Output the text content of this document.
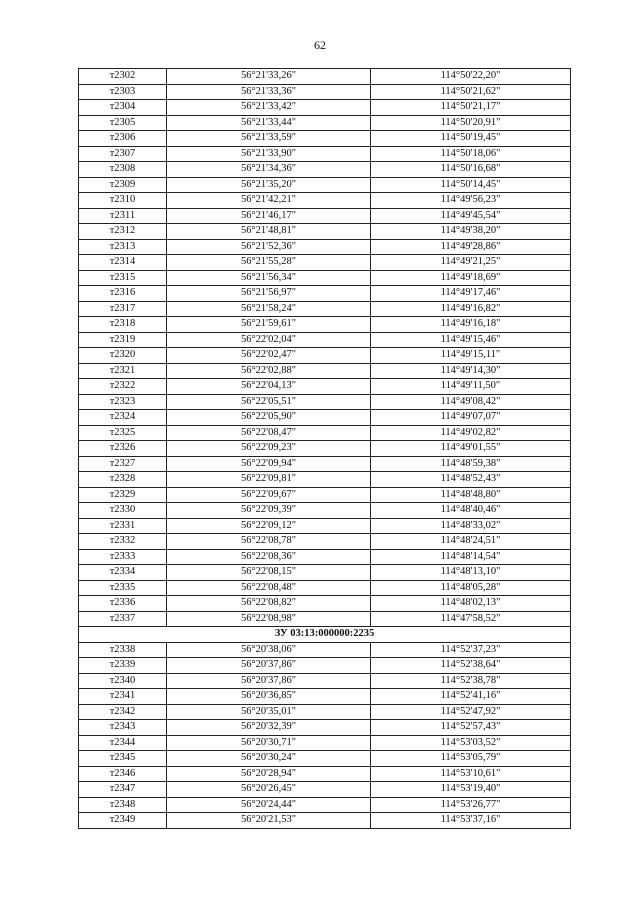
62
т2302	56°21'33,26"	114°50'22,20"
т2303	56°21'33,36"	114°50'21,62"
т2304	56°21'33,42"	114°50'21,17"
т2305	56°21'33,44"	114°50'20,91"
т2306	56°21'33,59"	114°50'19,45"
т2307	56°21'33,90"	114°50'18,06"
т2308	56°21'34,36"	114°50'16,68"
т2309	56°21'35,20"	114°50'14,45"
т2310	56°21'42,21"	114°49'56,23"
т2311	56°21'46,17"	114°49'45,54"
т2312	56°21'48,81"	114°49'38,20"
т2313	56°21'52,36"	114°49'28,86"
т2314	56°21'55,28"	114°49'21,25"
т2315	56°21'56,34"	114°49'18,69"
т2316	56°21'56,97"	114°49'17,46"
т2317	56°21'58,24"	114°49'16,82"
т2318	56°21'59,61"	114°49'16,18"
т2319	56°22'02,04"	114°49'15,46"
т2320	56°22'02,47"	114°49'15,11"
т2321	56°22'02,88"	114°49'14,30"
т2322	56°22'04,13"	114°49'11,50"
т2323	56°22'05,51"	114°49'08,42"
т2324	56°22'05,90"	114°49'07,07"
т2325	56°22'08,47"	114°49'02,82"
т2326	56°22'09,23"	114°49'01,55"
т2327	56°22'09,94"	114°48'59,38"
т2328	56°22'09,81"	114°48'52,43"
т2329	56°22'09,67"	114°48'48,80"
т2330	56°22'09,39"	114°48'40,46"
т2331	56°22'09,12"	114°48'33,02"
т2332	56°22'08,78"	114°48'24,51"
т2333	56°22'08,36"	114°48'14,54"
т2334	56°22'08,15"	114°48'13,10"
т2335	56°22'08,48"	114°48'05,28"
т2336	56°22'08,82"	114°48'02,13"
т2337	56°22'08,98"	114°47'58,52"
ЗУ 03:13:000000:2235		
т2338	56°20'38,06"	114°52'37,23"
т2339	56°20'37,86"	114°52'38,64"
т2340	56°20'37,86"	114°52'38,78"
т2341	56°20'36,85"	114°52'41,16"
т2342	56°20'35,01"	114°52'47,92"
т2343	56°20'32,39"	114°52'57,43"
т2344	56°20'30,71"	114°53'03,52"
т2345	56°20'30,24"	114°53'05,79"
т2346	56°20'28,94"	114°53'10,61"
т2347	56°20'26,45"	114°53'19,40"
т2348	56°20'24,44"	114°53'26,77"
т2349	56°20'21,53"	114°53'37,16"
